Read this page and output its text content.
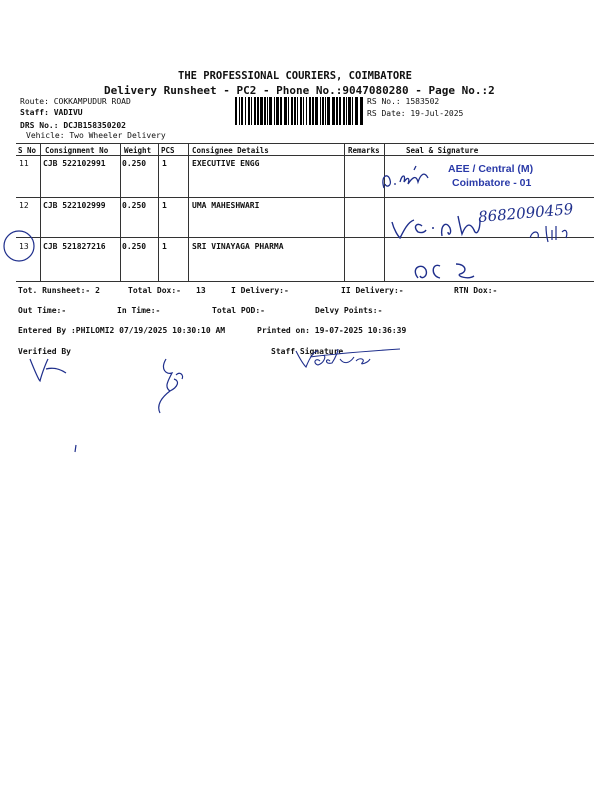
THE PROFESSIONAL COURIERS, COIMBATORE
Delivery Runsheet - PC2 - Phone No.:9047080280 - Page No.:2
Route: COKKAMPUDUR ROAD
Staff: VADIVU
DRS No.: DCJB158350202
Vehicle: Two Wheeler Delivery
RS No.: 1583502
RS Date: 19-Jul-2025
S No Consignment No Weight PCS Consignee Details	Remarks	Seal & Signature
11 CJB 522102991 0.250 1	EXECUTIVE ENGG
12 CJB 522102999 0.250 1	UMA MAHESHWARI
13 CJB 521827216 0.250 1	SRI VINAYAGA PHARMA
AEE / Central (M)
Coimbatore - 01
8682090459
Tot. Runsheet:- 2	Total Dox:- 13	I Delivery:-	II Delivery:-	RTN Dox:-
Out Time:-	In Time:-	Total POD:-	Delvy Points:-
Entered By :PHILOMI2 07/19/2025 10:30:10 AM	Printed on: 19-07-2025 10:36:39
Verified By	Staff Signature
